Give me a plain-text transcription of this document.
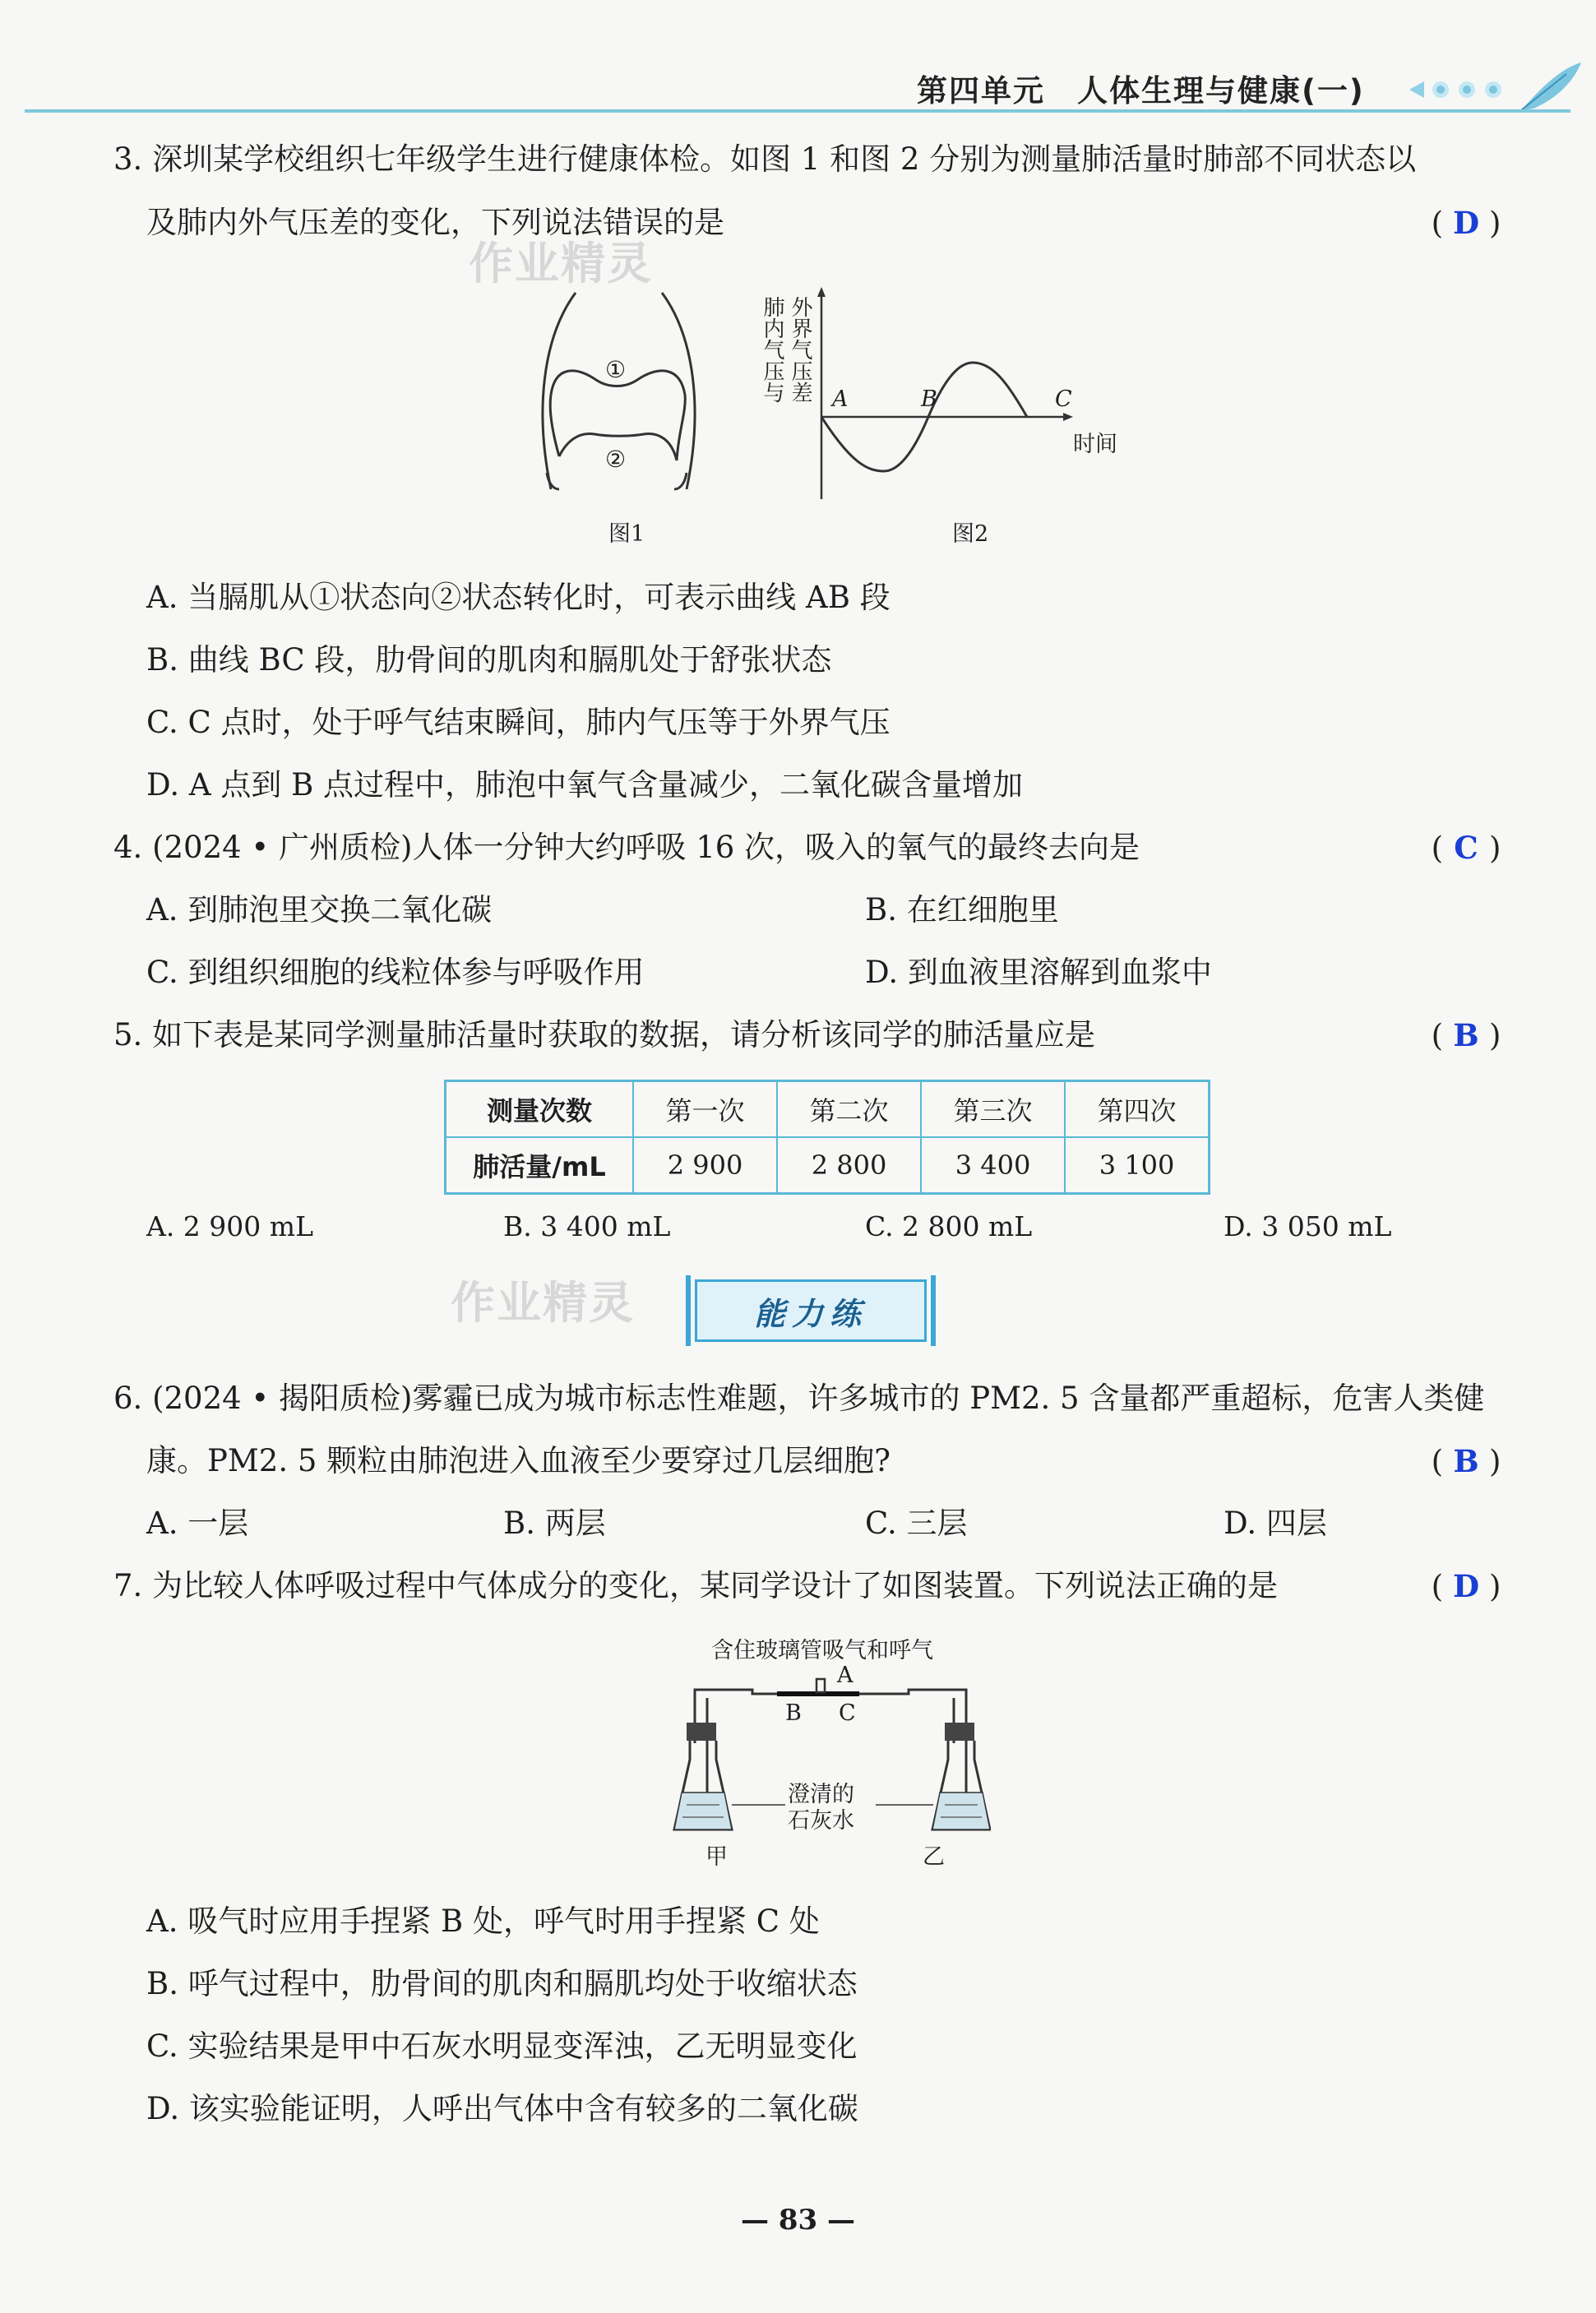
第四单元　人体生理与健康(一)
3. 深圳某学校组织七年级学生进行健康体检。如图 1 和图 2 分别为测量肺活量时肺部不同状态以
及肺内外气压差的变化，下列说法错误的是	( D )
作业精灵
①
②
图1
肺内气压与 外界气压差 A	B	C
时间
图2
A. 当膈肌从①状态向②状态转化时，可表示曲线 AB 段
B. 曲线 BC 段，肋骨间的肌肉和膈肌处于舒张状态
C. C 点时，处于呼气结束瞬间，肺内气压等于外界气压
D. A 点到 B 点过程中，肺泡中氧气含量减少，二氧化碳含量增加
4. (2024 • 广州质检)人体一分钟大约呼吸 16 次，吸入的氧气的最终去向是	( C )
A. 到肺泡里交换二氧化碳	B. 在红细胞里
C. 到组织细胞的线粒体参与呼吸作用	D. 到血液里溶解到血浆中
5. 如下表是某同学测量肺活量时获取的数据，请分析该同学的肺活量应是	( B )
测量次数	第一次	第二次	第三次	第四次
肺活量/mL	2 900	2 800	3 400	3 100
A. 2 900 mL	B. 3 400 mL	C. 2 800 mL	D. 3 050 mL
作业精灵	能力练
6. (2024 • 揭阳质检)雾霾已成为城市标志性难题，许多城市的 PM2. 5 含量都严重超标，危害人类健
康。PM2. 5 颗粒由肺泡进入血液至少要穿过几层细胞?	( B )
A. 一层	B. 两层	C. 三层	D. 四层
7. 为比较人体呼吸过程中气体成分的变化，某同学设计了如图装置。下列说法正确的是	( D )
含住玻璃管吸气和呼气
A
B C
澄清的
石灰水
甲	乙
A. 吸气时应用手捏紧 B 处，呼气时用手捏紧 C 处
B. 呼气过程中，肋骨间的肌肉和膈肌均处于收缩状态
C. 实验结果是甲中石灰水明显变浑浊，乙无明显变化
D. 该实验能证明，人呼出气体中含有较多的二氧化碳
— 83 —
